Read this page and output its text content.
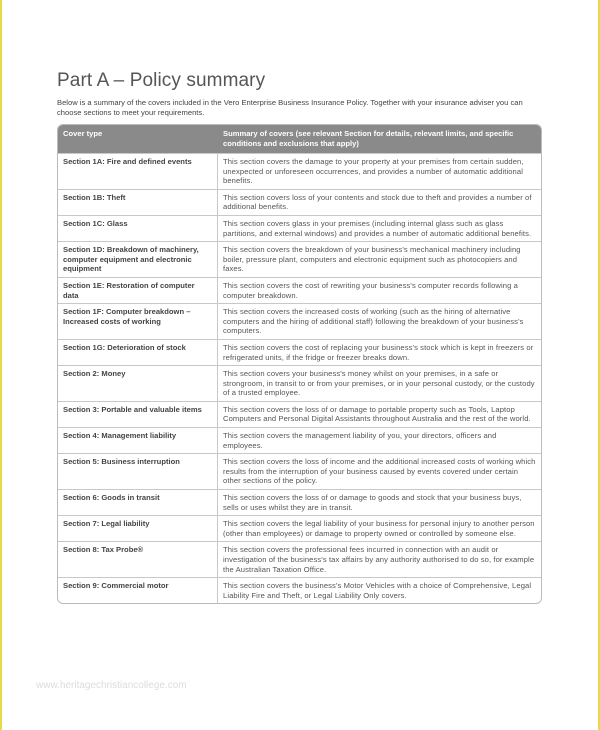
Part A – Policy summary
Below is a summary of the covers included in the Vero Enterprise Business Insurance Policy. Together with your insurance adviser you can choose sections to meet your requirements.
Cover type	Summary of covers (see relevant Section for details, relevant limits, and specific conditions and exclusions that apply)
Section 1A: Fire and defined events	This section covers the damage to your property at your premises from certain sudden, unexpected or unforeseen occurrences, and provides a number of automatic additional benefits.
Section 1B: Theft	This section covers loss of your contents and stock due to theft and provides a number of additional benefits.
Section 1C: Glass	This section covers glass in your premises (including internal glass such as glass partitions, and external windows) and provides a number of automatic additional benefits.
Section 1D: Breakdown of machinery, computer equipment and electronic equipment	This section covers the breakdown of your business's mechanical machinery including boiler, pressure plant, computers and electronic equipment such as photocopiers and faxes.
Section 1E: Restoration of computer data	This section covers the cost of rewriting your business's computer records following a computer breakdown.
Section 1F: Computer breakdown – Increased costs of working	This section covers the increased costs of working (such as the hiring of alternative computers and the hiring of additional staff) following the breakdown of your business's computers.
Section 1G: Deterioration of stock	This section covers the cost of replacing your business's stock which is kept in freezers or refrigerated units, if the fridge or freezer breaks down.
Section 2: Money	This section covers your business's money whilst on your premises, in a safe or strongroom, in transit to or from your premises, or in your personal custody, or the custody of a trusted employee.
Section 3: Portable and valuable items	This section covers the loss of or damage to portable property such as Tools, Laptop Computers and Personal Digital Assistants throughout Australia and the rest of the world.
Section 4: Management liability	This section covers the management liability of you, your directors, officers and employees.
Section 5: Business interruption	This section covers the loss of income and the additional increased costs of working which results from the interruption of your business caused by events covered under certain other sections of the policy.
Section 6: Goods in transit	This section covers the loss of or damage to goods and stock that your business buys, sells or uses whilst they are in transit.
Section 7: Legal liability	This section covers the legal liability of your business for personal injury to another person (other than employees) or damage to property owned or controlled by someone else.
Section 8: Tax Probe®	This section covers the professional fees incurred in connection with an audit or investigation of the business's tax affairs by any authority authorised to do so, for example the Australian Taxation Office.
Section 9: Commercial motor	This section covers the business's Motor Vehicles with a choice of Comprehensive, Legal Liability Fire and Theft, or Legal Liability Only covers.
www.heritagechristiancollege.com
